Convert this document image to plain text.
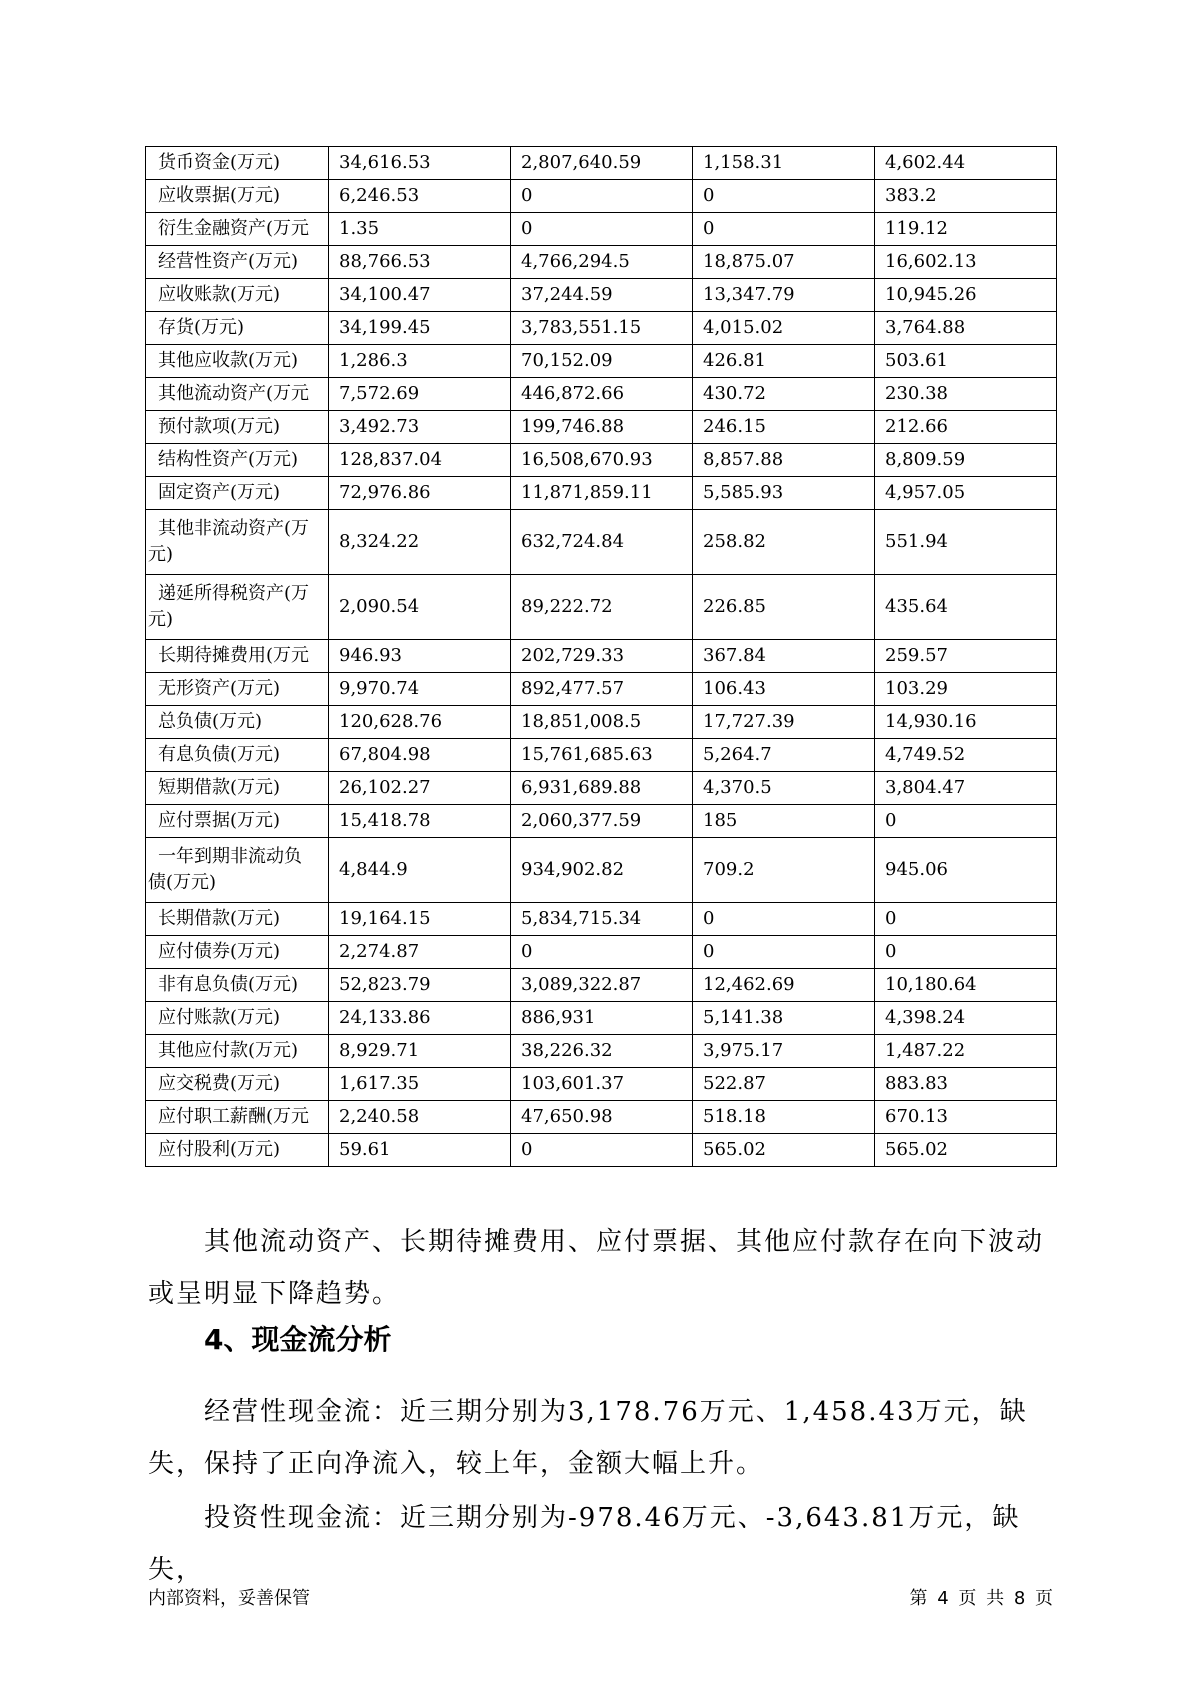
货币资金(万元)	34,616.53	2,807,640.59	1,158.31	4,602.44
应收票据(万元)	6,246.53	0	0	383.2
衍生金融资产(万元	1.35	0	0	119.12
经营性资产(万元)	88,766.53	4,766,294.5	18,875.07	16,602.13
应收账款(万元)	34,100.47	37,244.59	13,347.79	10,945.26
存货(万元)	34,199.45	3,783,551.15	4,015.02	3,764.88
其他应收款(万元)	1,286.3	70,152.09	426.81	503.61
其他流动资产(万元	7,572.69	446,872.66	430.72	230.38
预付款项(万元)	3,492.73	199,746.88	246.15	212.66
结构性资产(万元)	128,837.04	16,508,670.93	8,857.88	8,809.59
固定资产(万元)	72,976.86	11,871,859.11	5,585.93	4,957.05

其他非流动资产(万
元)	8,324.22	632,724.84	258.82	551.94

递延所得税资产(万
元)	2,090.54	89,222.72	226.85	435.64
长期待摊费用(万元	946.93	202,729.33	367.84	259.57
无形资产(万元)	9,970.74	892,477.57	106.43	103.29
总负债(万元)	120,628.76	18,851,008.5	17,727.39	14,930.16
有息负债(万元)	67,804.98	15,761,685.63	5,264.7	4,749.52
短期借款(万元)	26,102.27	6,931,689.88	4,370.5	3,804.47
应付票据(万元)	15,418.78	2,060,377.59	185	0

一年到期非流动负
债(万元)	4,844.9	934,902.82	709.2	945.06
长期借款(万元)	19,164.15	5,834,715.34	0	0
应付债券(万元)	2,274.87	0	0	0
非有息负债(万元)	52,823.79	3,089,322.87	12,462.69	10,180.64
应付账款(万元)	24,133.86	886,931	5,141.38	4,398.24
其他应付款(万元)	8,929.71	38,226.32	3,975.17	1,487.22
应交税费(万元)	1,617.35	103,601.37	522.87	883.83
应付职工薪酬(万元	2,240.58	47,650.98	518.18	670.13
应付股利(万元)	59.61	0	565.02	565.02

其他流动资产、长期待摊费用、应付票据、其他应付款存在向下波动或呈明显下降趋势。

4、现金流分析

经营性现金流：近三期分别为3,178.76万元、1,458.43万元，缺失，保持了正向净流入，较上年，金额大幅上升。

投资性现金流：近三期分别为-978.46万元、-3,643.81万元，缺失，

内部资料，妥善保管	第 4 页 共 8 页
